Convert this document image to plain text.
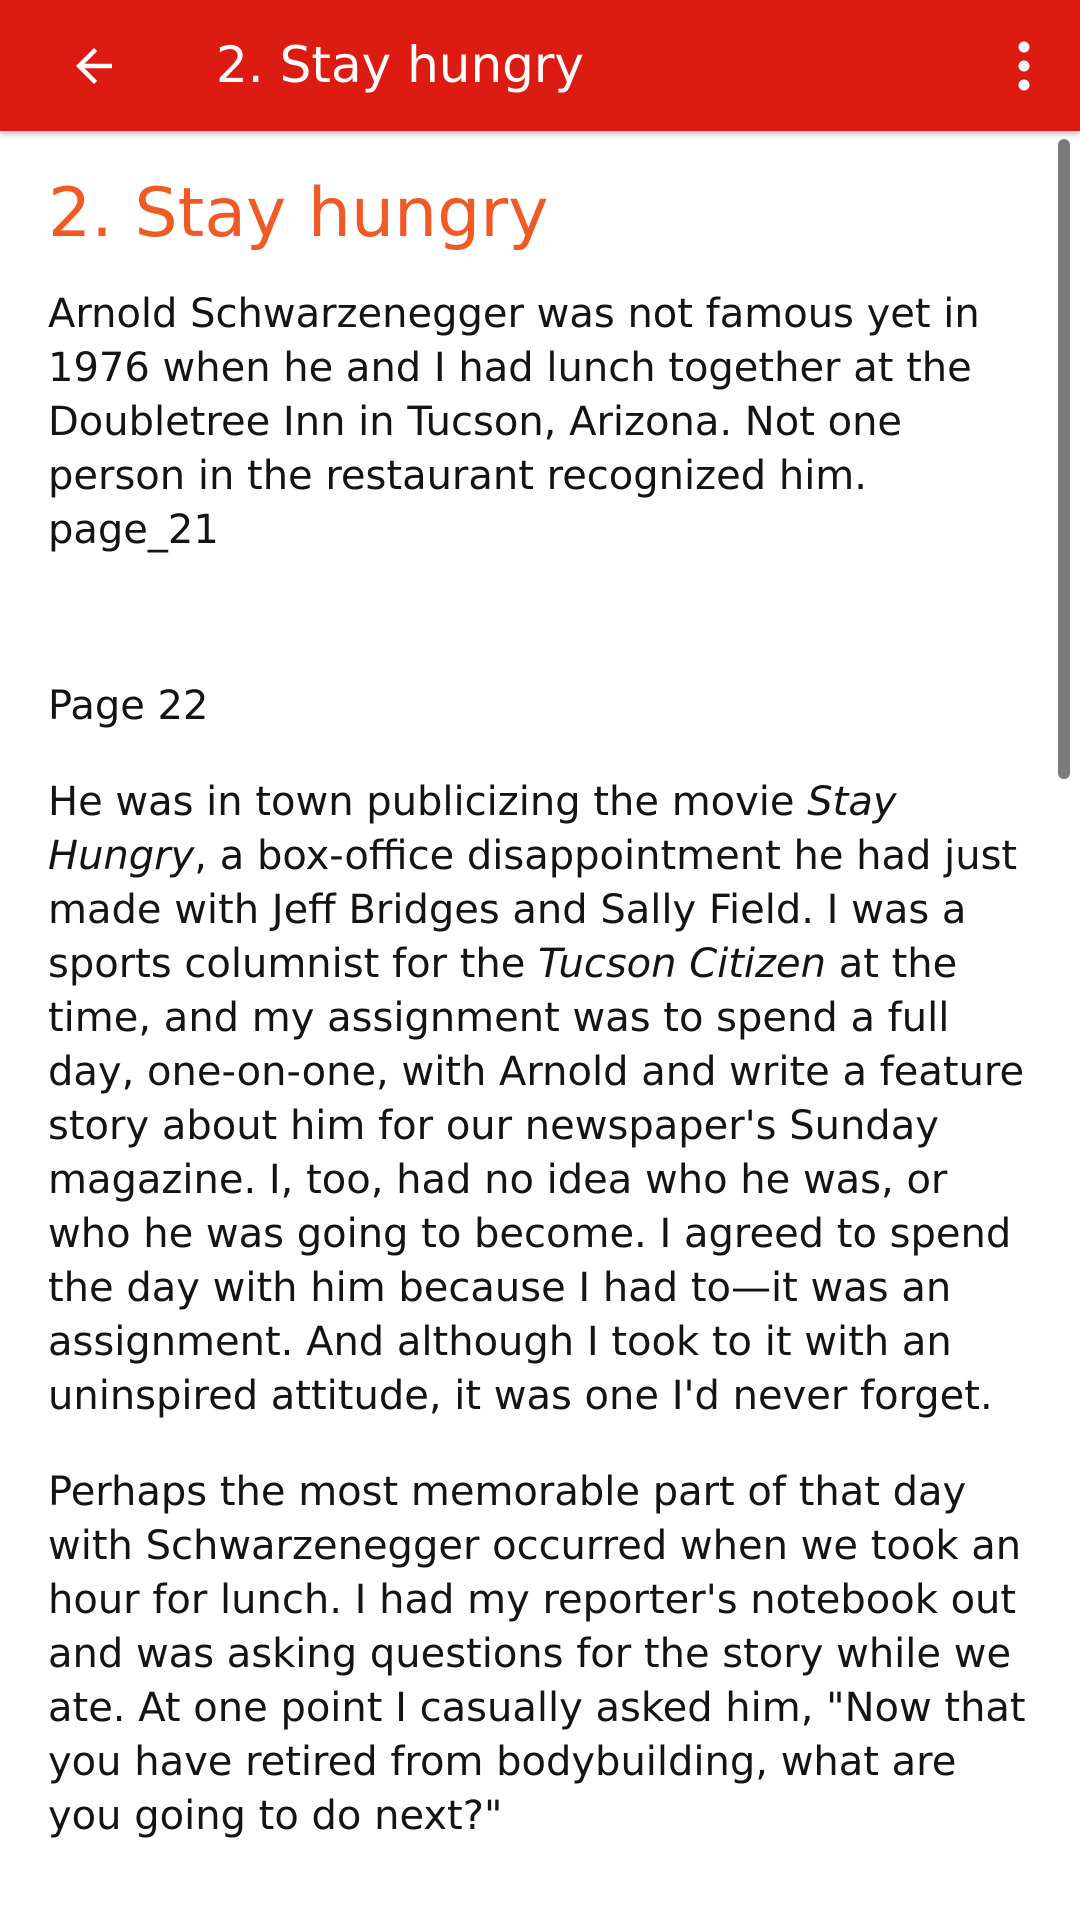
2. Stay hungry
2. Stay hungry

Arnold Schwarzenegger was not famous yet in 1976 when he and I had lunch together at the Doubletree Inn in Tucson, Arizona. Not one person in the restaurant recognized him.
page_21

Page 22

He was in town publicizing the movie Stay Hungry, a box-office disappointment he had just made with Jeff Bridges and Sally Field. I was a sports columnist for the Tucson Citizen at the time, and my assignment was to spend a full day, one-on-one, with Arnold and write a feature story about him for our newspaper's Sunday magazine. I, too, had no idea who he was, or who he was going to become. I agreed to spend the day with him because I had to—it was an assignment. And although I took to it with an uninspired attitude, it was one I'd never forget.

Perhaps the most memorable part of that day with Schwarzenegger occurred when we took an hour for lunch. I had my reporter's notebook out and was asking questions for the story while we ate. At one point I casually asked him, "Now that you have retired from bodybuilding, what are you going to do next?"
